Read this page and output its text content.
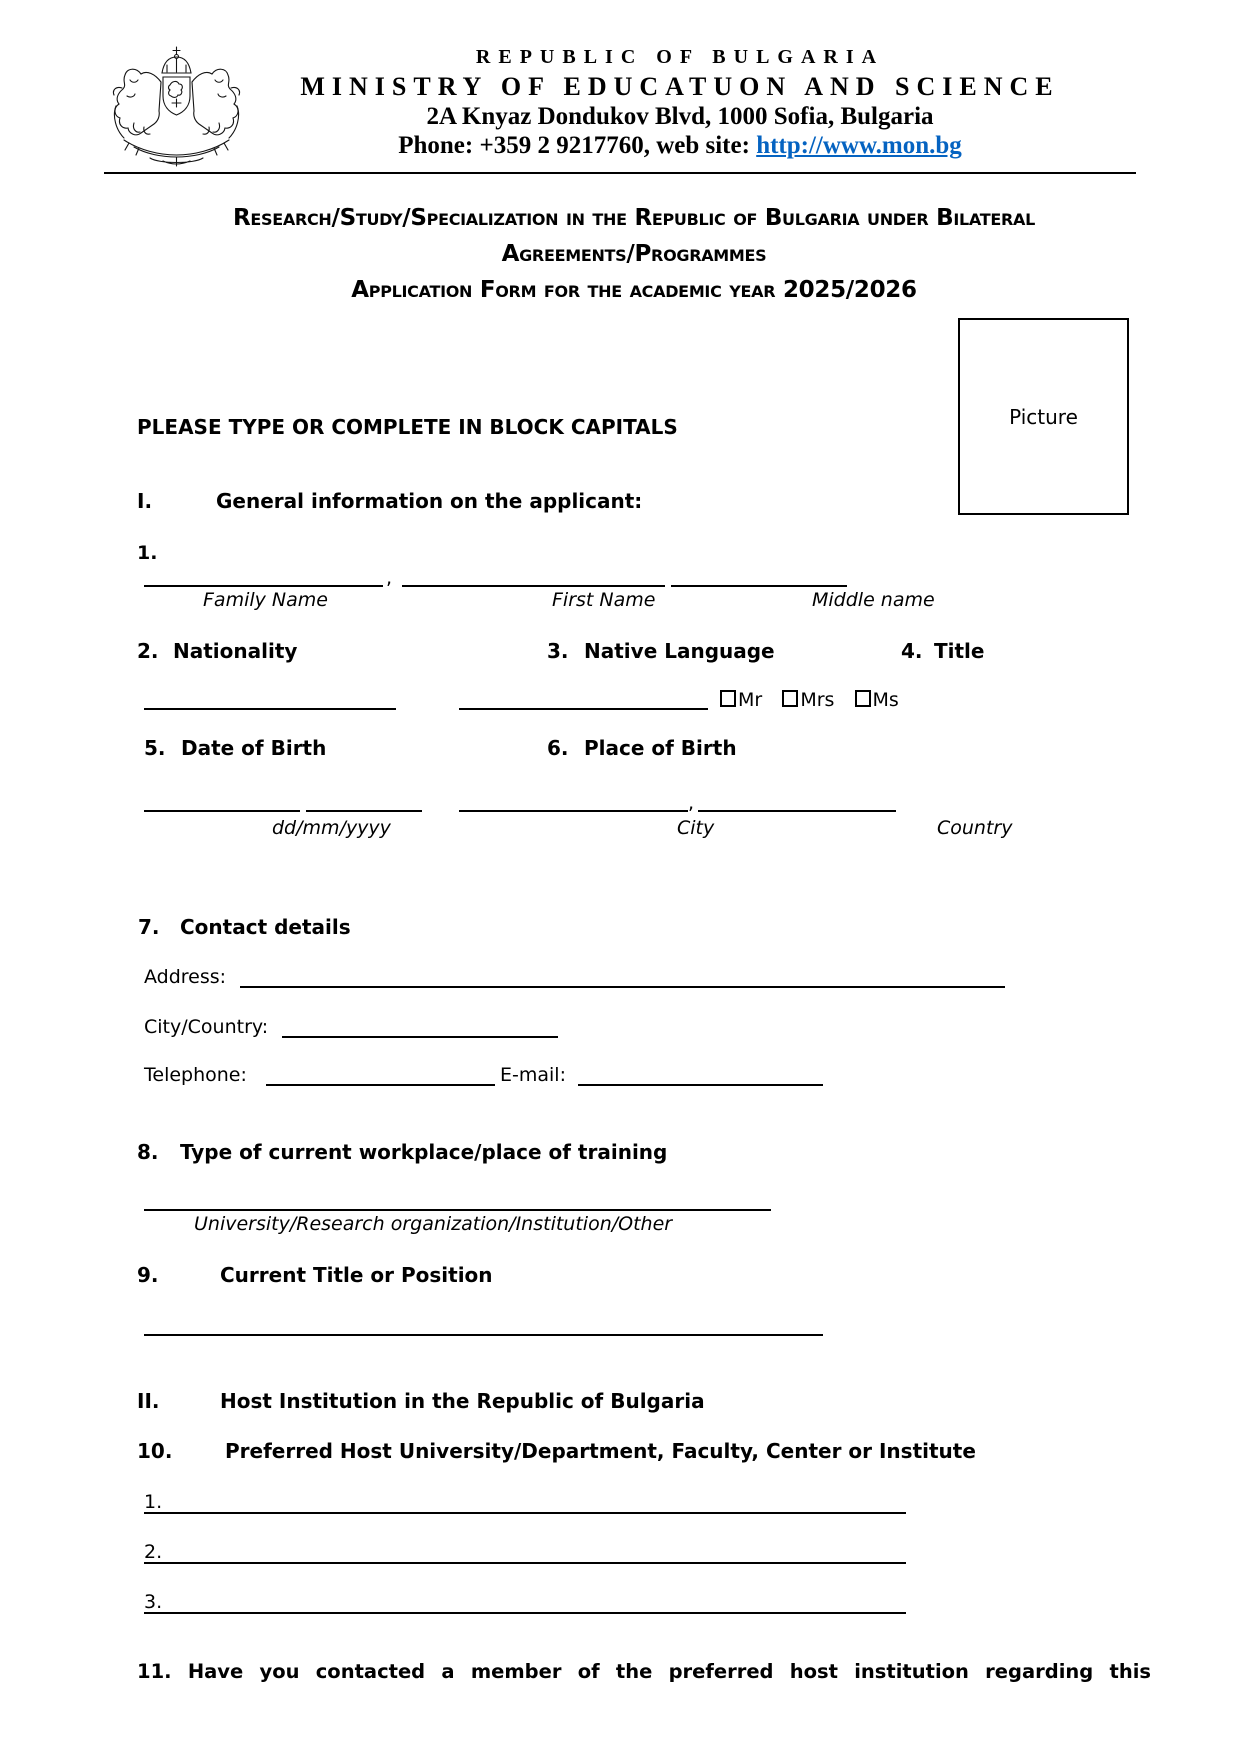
REPUBLIC OF BULGARIA
MINISTRY OF EDUCATUON AND SCIENCE
2A Knyaz Dondukov Blvd, 1000 Sofia, Bulgaria
Phone: +359 2 9217760, web site: http://www.mon.bg
Research/Study/Specialization in the Republic of Bulgaria under Bilateral
Agreements/Programmes
Application Form for the academic year 2025/2026
Picture
PLEASE TYPE OR COMPLETE IN BLOCK CAPITALS
I.	General information on the applicant:
1.
,
Family Name	First Name	Middle name
2. Nationality	3. Native Language	4. Title
Mr Mrs Ms
5. Date of Birth	6. Place of Birth
,
dd/mm/yyyy	City	Country
7. Contact details
Address:
City/Country:
Telephone:	E-mail:
8. Type of current workplace/place of training
University/Research organization/Institution/Other
9.	Current Title or Position
II.	Host Institution in the Republic of Bulgaria
10.	Preferred Host University/Department, Faculty, Center or Institute
1.
2.
3.
11. Have you contacted a member of the preferred host institution regarding this
